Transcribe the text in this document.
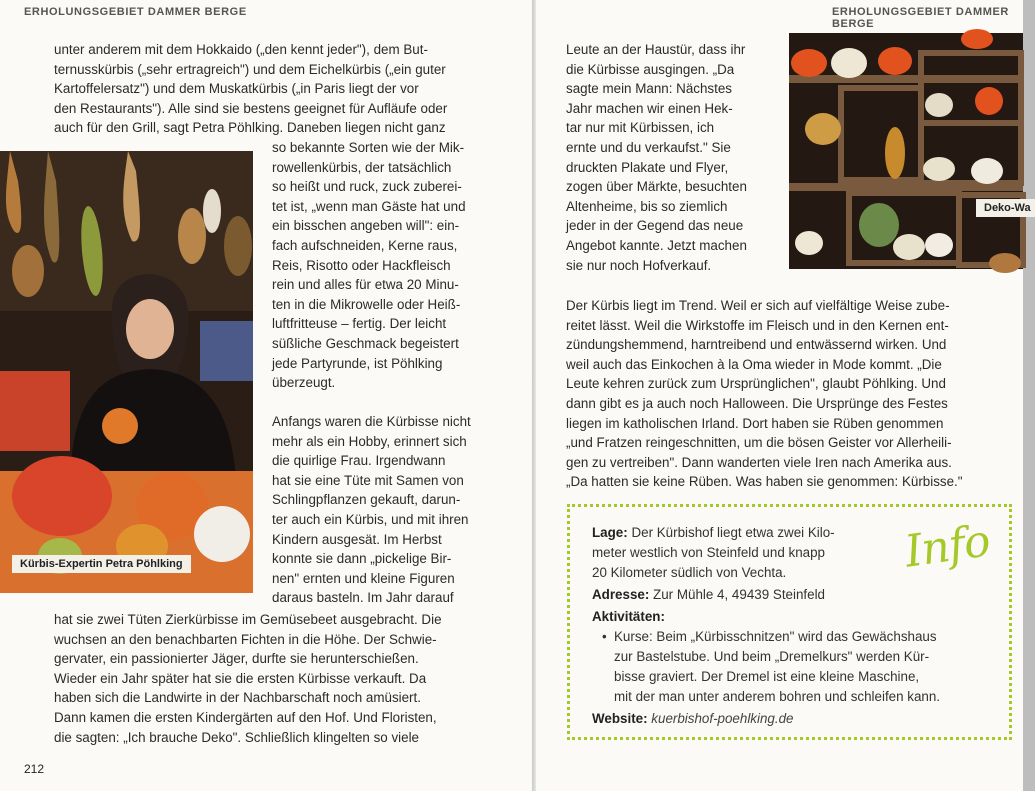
ERHOLUNGSGEBIET DAMMER BERGE

unter anderem mit dem Hokkaido („den kennt jeder"), dem But-

ternusskürbis („sehr ertragreich") und dem Eichelkürbis („ein guter

Kartoffelersatz") und dem Muskatkürbis („in Paris liegt der vor

den Restaurants"). Alle sind sie bestens geeignet für Aufläufe oder

auch für den Grill, sagt Petra Pöhlking. Daneben liegen nicht ganz

Kürbis-Expertin Petra Pöhlking

so bekannte Sorten wie der Mik-

rowellenkürbis, der tatsächlich

so heißt und ruck, zuck zuberei-

tet ist, „wenn man Gäste hat und

ein bisschen angeben will": ein-

fach aufschneiden, Kerne raus,

Reis, Risotto oder Hackfleisch

rein und alles für etwa 20 Minu-

ten in die Mikrowelle oder Heiß-

luftfritteuse – fertig. Der leicht

süßliche Geschmack begeistert

jede Partyrunde, ist Pöhlking

überzeugt.

Anfangs waren die Kürbisse nicht

mehr als ein Hobby, erinnert sich

die quirlige Frau. Irgendwann

hat sie eine Tüte mit Samen von

Schlingpflanzen gekauft, darun-

ter auch ein Kürbis, und mit ihren

Kindern ausgesät. Im Herbst

konnte sie dann „pickelige Bir-

nen" ernten und kleine Figuren

daraus basteln. Im Jahr darauf

hat sie zwei Tüten Zierkürbisse im Gemüsebeet ausgebracht. Die

wuchsen an den benachbarten Fichten in die Höhe. Der Schwie-

gervater, ein passionierter Jäger, durfte sie herunterschießen.

Wieder ein Jahr später hat sie die ersten Kürbisse verkauft. Da

haben sich die Landwirte in der Nachbarschaft noch amüsiert.

Dann kamen die ersten Kindergärten auf den Hof. Und Floristen,

die sagten: „Ich brauche Deko". Schließlich klingelten so viele

212
ERHOLUNGSGEBIET DAMMER BERGE

Leute an der Haustür, dass ihr

die Kürbisse ausgingen. „Da

sagte mein Mann: Nächstes

Jahr machen wir einen Hek-

tar nur mit Kürbissen, ich

ernte und du verkaufst." Sie

druckten Plakate und Flyer,

zogen über Märkte, besuchten

Altenheime, bis so ziemlich

jeder in der Gegend das neue

Angebot kannte. Jetzt machen

sie nur noch Hofverkauf.

Deko-Wa

Der Kürbis liegt im Trend. Weil er sich auf vielfältige Weise zube-

reitet lässt. Weil die Wirkstoffe im Fleisch und in den Kernen ent-

zündungshemmend, harntreibend und entwässernd wirken. Und

weil auch das Einkochen à la Oma wieder in Mode kommt. „Die

Leute kehren zurück zum Ursprünglichen", glaubt Pöhlking. Und

dann gibt es ja auch noch Halloween. Die Ursprünge des Festes

liegen im katholischen Irland. Dort haben sie Rüben genommen

„und Fratzen reingeschnitten, um die bösen Geister vor Allerheili-

gen zu vertreiben". Dann wanderten viele Iren nach Amerika aus.

„Da hatten sie keine Rüben. Was haben sie genommen: Kürbisse."

Info

Lage: Der Kürbishof liegt etwa zwei Kilo-

meter westlich von Steinfeld und knapp

20 Kilometer südlich von Vechta.

Adresse: Zur Mühle 4, 49439 Steinfeld

Aktivitäten:

• Kurse: Beim „Kürbisschnitzen" wird das Gewächshaus

zur Bastelstube. Und beim „Dremelkurs" werden Kür-

bisse graviert. Der Dremel ist eine kleine Maschine,

mit der man unter anderem bohren und schleifen kann.

Website: kuerbishof-poehlking.de
